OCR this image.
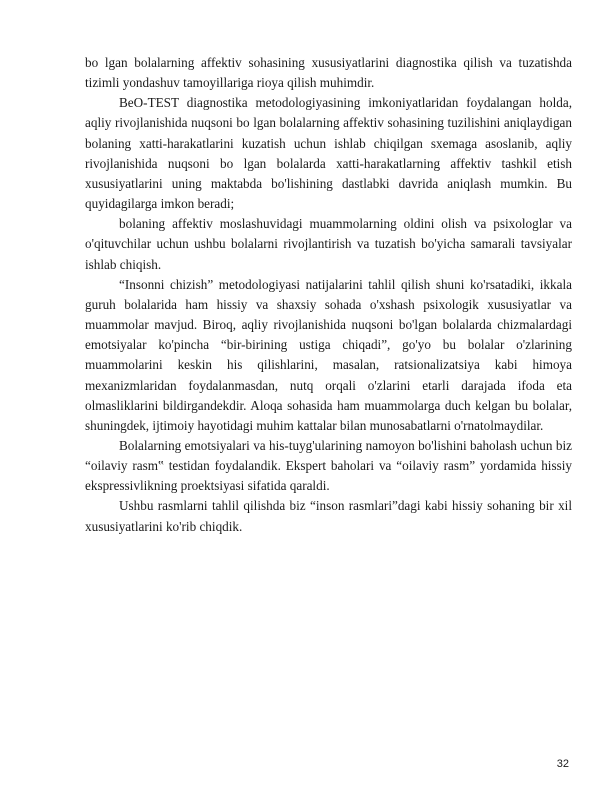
bo lgan bolalarning affektiv sohasining xususiyatlarini diagnostika qilish va tuzatishda tizimli yondashuv tamoyillariga rioya qilish muhimdir.

BeO-TEST diagnostika metodologiyasining imkoniyatlaridan foydalangan holda, aqliy rivojlanishida nuqsoni bo lgan bolalarning affektiv sohasining tuzilishini aniqlaydigan bolaning xatti-harakatlarini kuzatish uchun ishlab chiqilgan sxemaga asoslanib, aqliy rivojlanishida nuqsoni bo lgan bolalarda xatti-harakatlarning affektiv tashkil etish xususiyatlarini uning maktabda bo'lishining dastlabki davrida aniqlash mumkin. Bu quyidagilarga imkon beradi;

bolaning affektiv moslashuvidagi muammolarning oldini olish va psixologlar va o'qituvchilar uchun ushbu bolalarni rivojlantirish va tuzatish bo'yicha samarali tavsiyalar ishlab chiqish.

“Insonni chizish” metodologiyasi natijalarini tahlil qilish shuni ko'rsatadiki, ikkala guruh bolalarida ham hissiy va shaxsiy sohada o'xshash psixologik xususiyatlar va muammolar mavjud. Biroq, aqliy rivojlanishida nuqsoni bo'lgan bolalarda chizmalardagi emotsiyalar ko'pincha “bir-birining ustiga chiqadi”, go'yo bu bolalar o'zlarining muammolarini keskin his qilishlarini, masalan, ratsionalizatsiya kabi himoya mexanizmlaridan foydalanmasdan, nutq orqali o'zlarini etarli darajada ifoda eta olmasliklarini bildirgandekdir. Aloqa sohasida ham muammolarga duch kelgan bu bolalar, shuningdek, ijtimoiy hayotidagi muhim kattalar bilan munosabatlarni o'rnatolmaydilar.

Bolalarning emotsiyalari va his-tuyg'ularining namoyon bo'lishini baholash uchun biz “oilaviy rasm‟ testidan foydalandik. Ekspert baholari va “oilaviy rasm” yordamida hissiy ekspressivlikning proektsiyasi sifatida qaraldi.

Ushbu rasmlarni tahlil qilishda biz “inson rasmlari”dagi kabi hissiy sohaning bir xil xususiyatlarini ko'rib chiqdik.

32
